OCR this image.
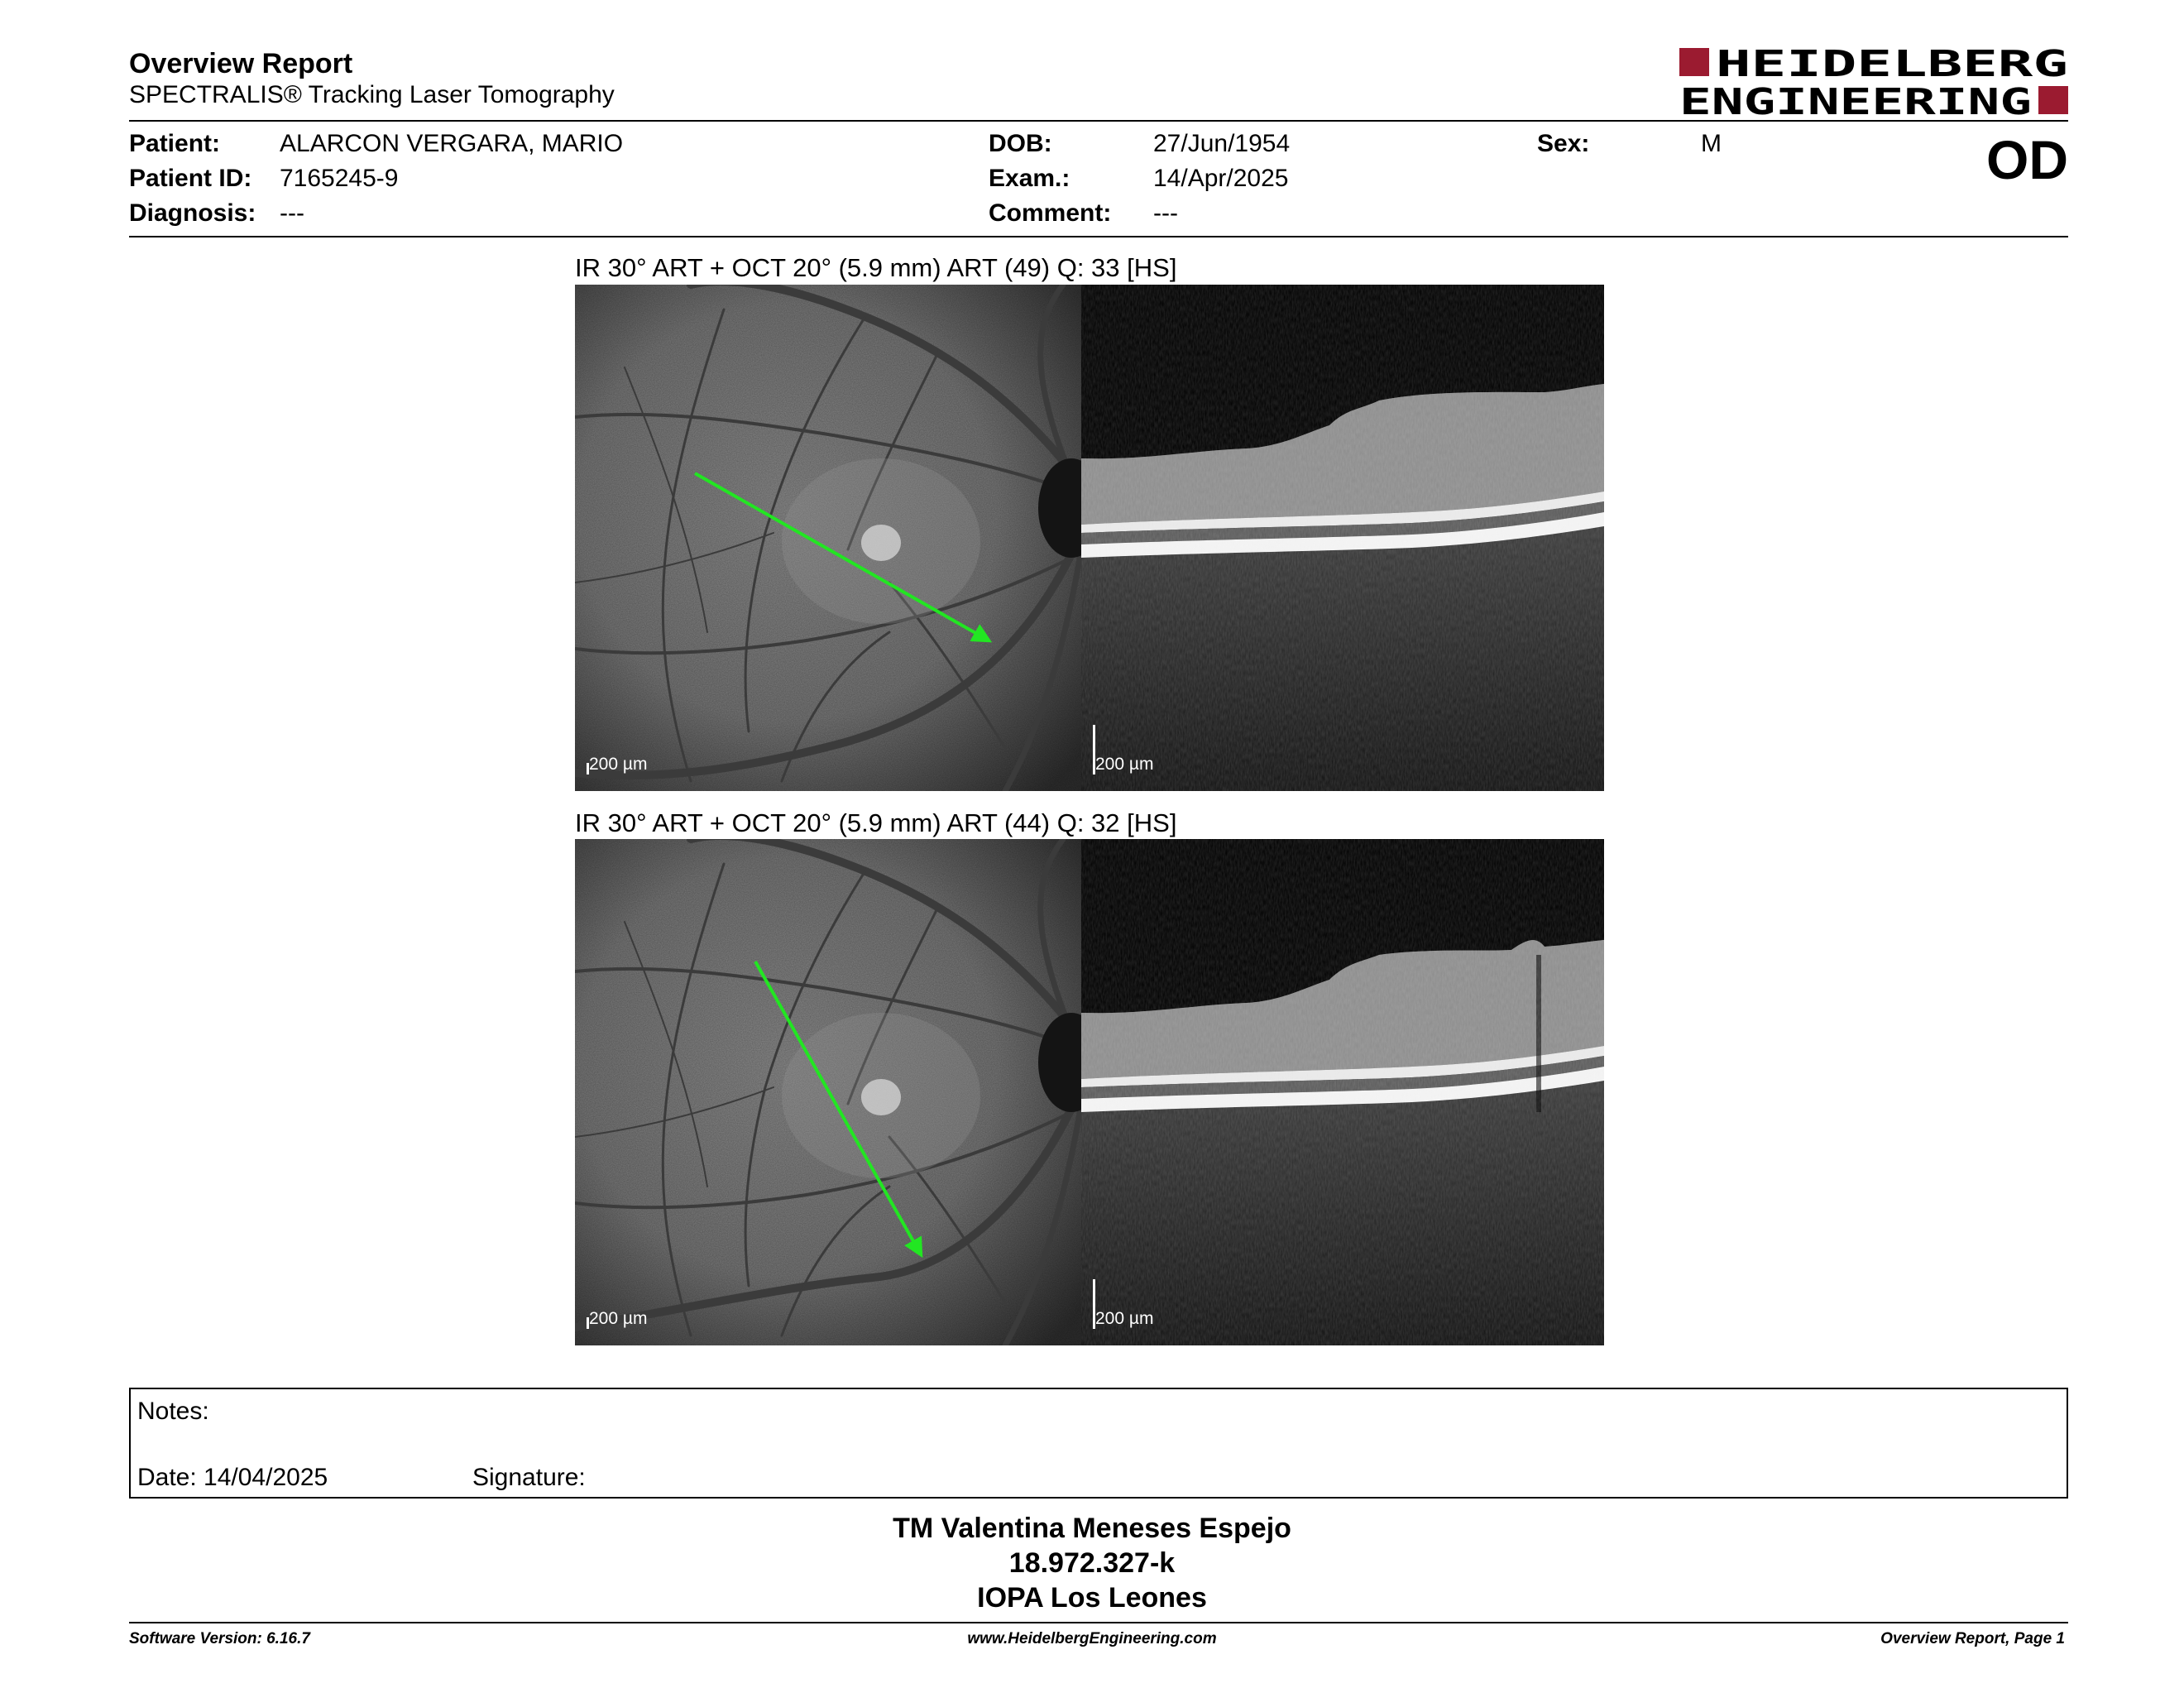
Overview Report
SPECTRALIS® Tracking Laser Tomography
HEIDELBERG
ENGINEERING
Patient: ALARCON VERGARA, MARIO
Patient ID: 7165245-9
Diagnosis: ---
DOB:	27/Jun/1954
Exam.:	14/Apr/2025
Comment: ---
Sex:	M	OD
IR 30° ART + OCT 20° (5.9 mm) ART (49) Q: 33 [HS]
200 µm	200 µm
IR 30° ART + OCT 20° (5.9 mm) ART (44) Q: 32 [HS]
200 µm	200 µm
Notes:
Date: 14/04/2025	Signature:
TM Valentina Meneses Espejo
18.972.327-k
IOPA Los Leones
Software Version: 6.16.7	www.HeidelbergEngineering.com	Overview Report, Page 1
